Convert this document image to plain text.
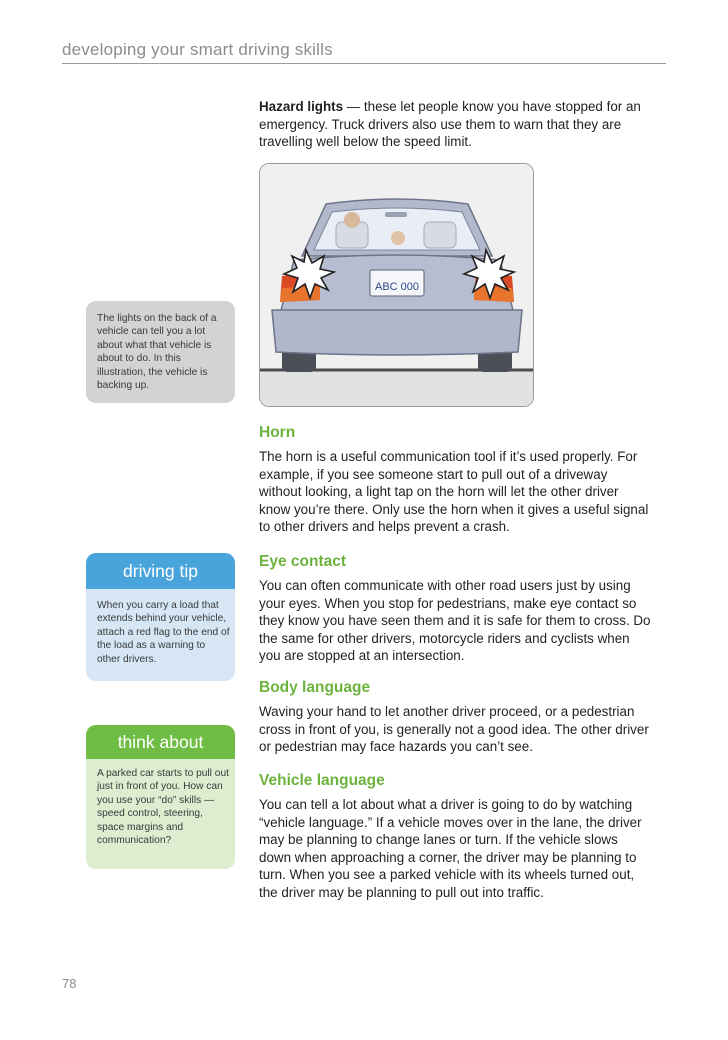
developing your smart driving skills

Hazard lights — these let people know you have stopped for an emergency. Truck drivers also use them to warn that they are travelling well below the speed limit.

ABC 000

The lights on the back of a vehicle can tell you a lot about what that vehicle is about to do. In this illustration, the vehicle is backing up.

Horn

The horn is a useful communication tool if it’s used properly. For example, if you see someone start to pull out of a driveway without looking, a light tap on the horn will let the other driver know you’re there. Only use the horn when it gives a useful signal to other drivers and helps prevent a crash.

Eye contact

You can often communicate with other road users just by using your eyes. When you stop for pedestrians, make eye contact so they know you have seen them and it is safe for them to cross. Do the same for other drivers, motorcycle riders and cyclists when you are stopped at an intersection.

Body language

Waving your hand to let another driver proceed, or a pedestrian cross in front of you, is generally not a good idea. The other driver or pedestrian may face hazards you can’t see.

Vehicle language

You can tell a lot about what a driver is going to do by watching “vehicle language.” If a vehicle moves over in the lane, the driver may be planning to change lanes or turn. If the vehicle slows down when approaching a corner, the driver may be planning to turn. When you see a parked vehicle with its wheels turned out, the driver may be planning to pull out into traffic.

driving tip

When you carry a load that extends behind your vehicle, attach a red flag to the end of the load as a warning to other drivers.

think about

A parked car starts to pull out just in front of you. How can you use your “do” skills — speed control, steering, space margins and communication?

78
